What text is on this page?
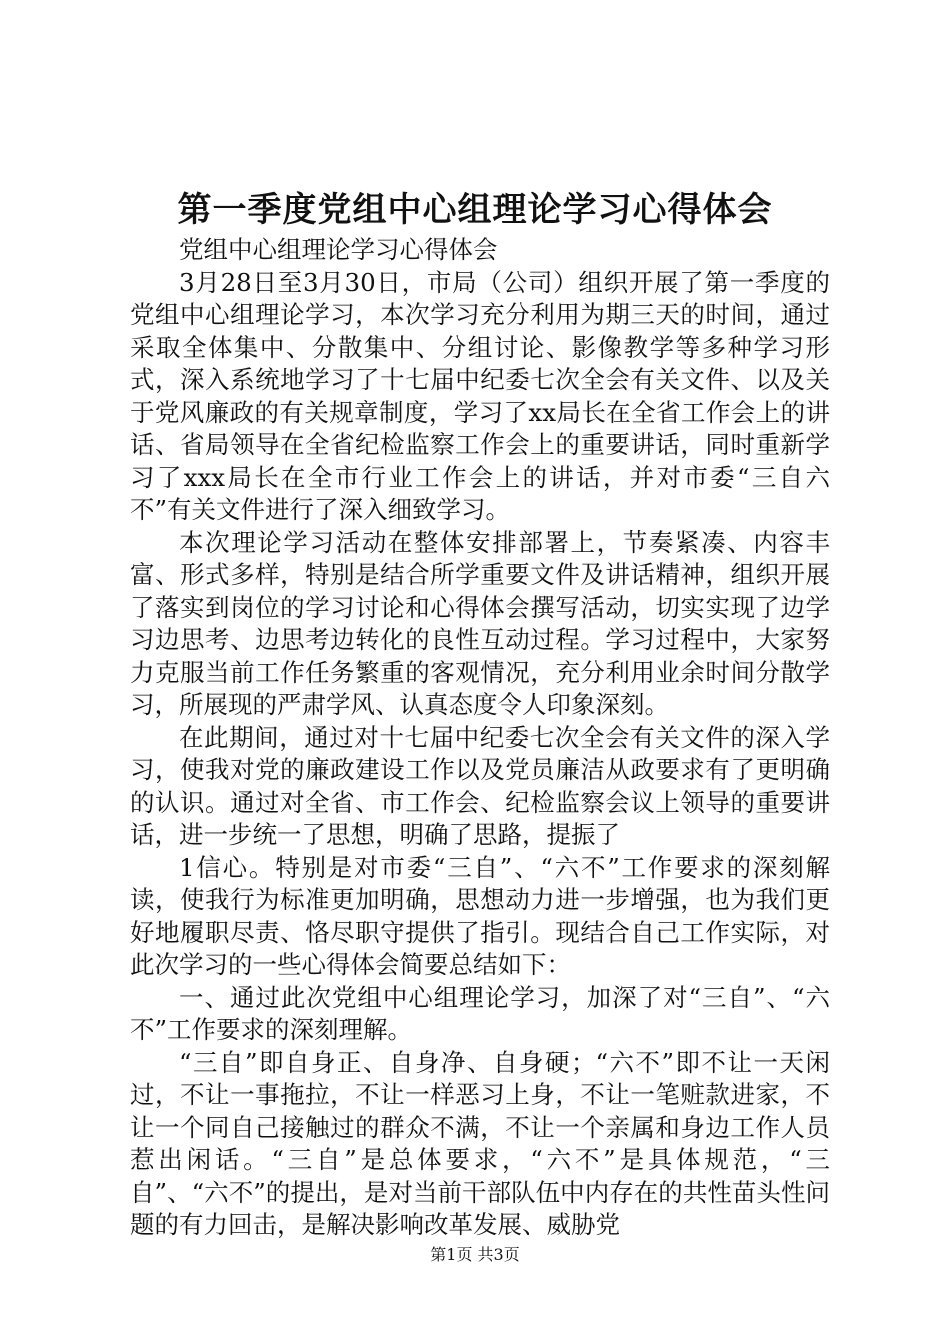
第一季度党组中心组理论学习心得体会

党组中心组理论学习心得体会

3月28日至3月30日，市局（公司）组织开展了第一季度的党组中心组理论学习，本次学习充分利用为期三天的时间，通过采取全体集中、分散集中、分组讨论、影像教学等多种学习形式，深入系统地学习了十七届中纪委七次全会有关文件、以及关于党风廉政的有关规章制度，学习了xx局长在全省工作会上的讲话、省局领导在全省纪检监察工作会上的重要讲话，同时重新学习了xxx局长在全市行业工作会上的讲话，并对市委“三自六不”有关文件进行了深入细致学习。

本次理论学习活动在整体安排部署上，节奏紧凑、内容丰富、形式多样，特别是结合所学重要文件及讲话精神，组织开展了落实到岗位的学习讨论和心得体会撰写活动，切实实现了边学习边思考、边思考边转化的良性互动过程。学习过程中，大家努力克服当前工作任务繁重的客观情况，充分利用业余时间分散学习，所展现的严肃学风、认真态度令人印象深刻。

在此期间，通过对十七届中纪委七次全会有关文件的深入学习，使我对党的廉政建设工作以及党员廉洁从政要求有了更明确的认识。通过对全省、市工作会、纪检监察会议上领导的重要讲话，进一步统一了思想，明确了思路，提振了

1信心。特别是对市委“三自”、“六不”工作要求的深刻解读，使我行为标准更加明确，思想动力进一步增强，也为我们更好地履职尽责、恪尽职守提供了指引。现结合自己工作实际，对此次学习的一些心得体会简要总结如下：

一、通过此次党组中心组理论学习，加深了对“三自”、“六不”工作要求的深刻理解。

“三自”即自身正、自身净、自身硬；“六不”即不让一天闲过，不让一事拖拉，不让一样恶习上身，不让一笔赃款进家，不让一个同自己接触过的群众不满，不让一个亲属和身边工作人员惹出闲话。“三自”是总体要求，“六不”是具体规范，“三自”、“六不”的提出，是对当前干部队伍中内存在的共性苗头性问题的有力回击，是解决影响改革发展、威胁党

第1页 共3页
